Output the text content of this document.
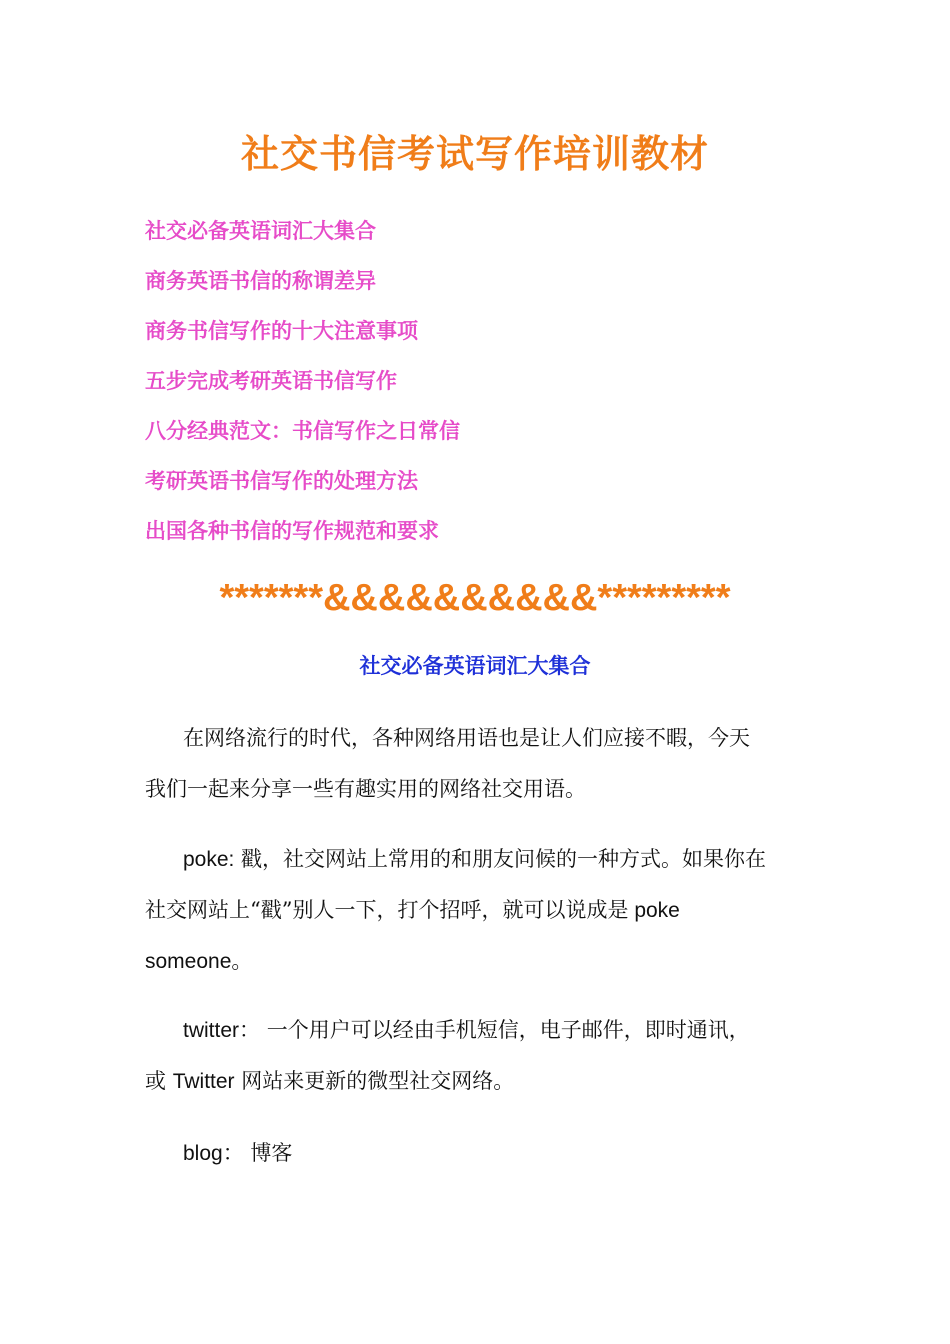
社交书信考试写作培训教材
社交必备英语词汇大集合
商务英语书信的称谓差异
商务书信写作的十大注意事项
五步完成考研英语书信写作
八分经典范文：书信写作之日常信
考研英语书信写作的处理方法
出国各种书信的写作规范和要求
*******&&&&&&&&&&*********
社交必备英语词汇大集合
在网络流行的时代，各种网络用语也是让人们应接不暇，今天
我们一起来分享一些有趣实用的网络社交用语。
poke: 戳，社交网站上常用的和朋友问候的一种方式。如果你在
社交网站上“戳”别人一下，打个招呼，就可以说成是 poke
someone。
twitter： 一个用户可以经由手机短信，电子邮件，即时通讯，
或 Twitter 网站来更新的微型社交网络。
blog： 博客
